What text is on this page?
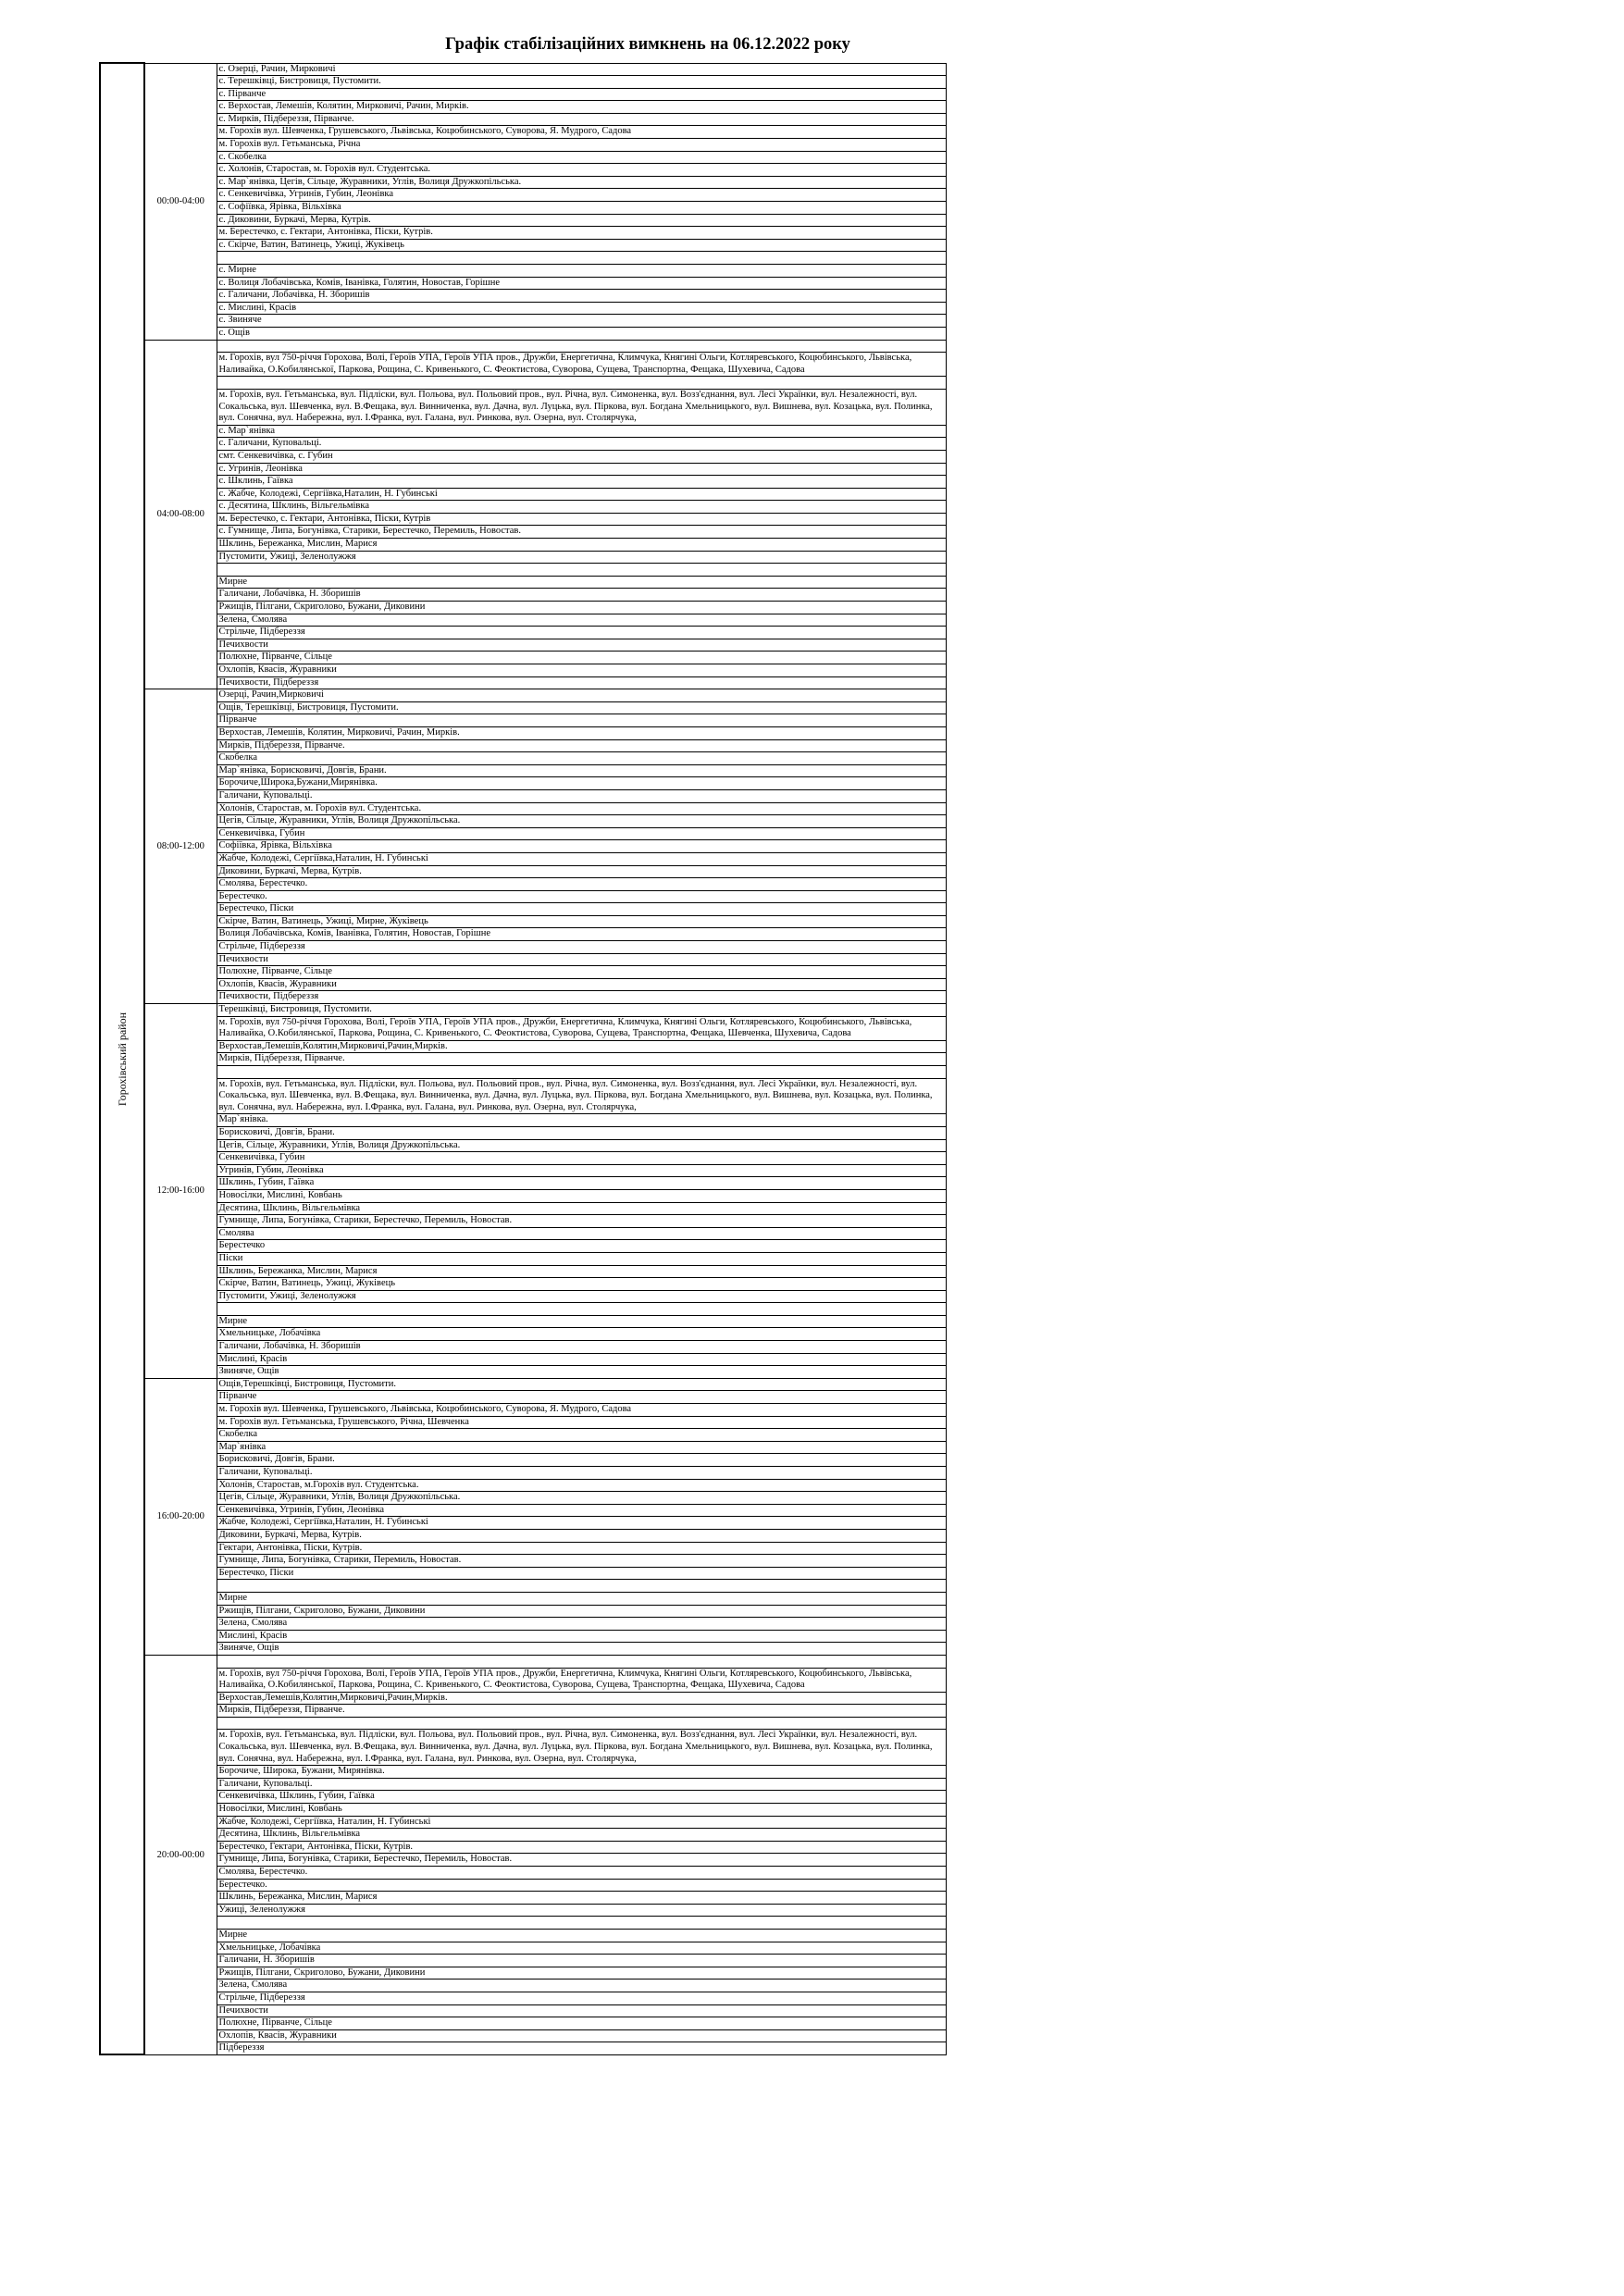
Графік стабілізаційних вимкнень на 06.12.2022 року
Горохівський район	00:00-04:00	с. Озерці, Рачин, Мирковичі
		с. Терешківці, Бистровиця, Пустомити.
		с. Пірванче
		с. Верхостав, Лемешів, Колятин, Мирковичі, Рачин, Мирків.
		с. Мирків, Підбереззя, Пірванче.
		м. Горохів вул. Шевченка, Грушевського, Львівська, Коцюбинського, Суворова, Я. Мудрого, Садова
		м. Горохів вул. Гетьманська, Річна
		с. Скобелка
		с. Холонів, Старостав, м. Горохів вул. Студентська.
		с. Мар`янівка, Цегів, Сільце, Журавники, Углів, Волиця Дружкопільська.
		с. Сенкевичівка, Угринів, Губин, Леонівка
		с. Софіївка, Ярівка, Вільхівка
		с. Диковини, Буркачі, Мерва, Кутрів.
		м. Берестечко, с. Гектари, Антонівка, Піски, Кутрів.
		с. Скірче, Ватин, Ватинець, Ужиці, Жуківець

		с. Мирне
		с. Волиця Лобачівська, Комів, Іванівка, Голятин, Новостав, Горішне
		с. Галичани, Лобачівка, Н. Зборишів
		с. Мислині, Красів
		с. Звиняче
		с. Ощів
	04:00-08:00	
		м. Горохів, вул 750-річчя Горохова, Волі, Героїв УПА, Героїв УПА пров., Дружби, Енергетична, Климчука, Княгині Ольги, Котляревського, Коцюбинського, Львівська, Наливайка, О.Кобилянської, Паркова, Рощина, С. Кривенького, С. Феоктистова, Суворова, Сущева, Транспортна, Фещака, Шухевича, Садова

		м. Горохів, вул. Гетьманська, вул. Підліски, вул. Польова, вул. Польовий пров., вул. Річна, вул. Симоненка, вул. Возз'єднання, вул. Лесі Українки, вул. Незалежності, вул. Сокальська, вул. Шевченка, вул. В.Фещака, вул. Винниченка, вул. Дачна, вул. Луцька, вул. Піркова, вул. Богдана Хмельницького, вул. Вишнева, вул. Козацька, вул. Полинка, вул. Сонячна, вул. Набережна, вул. І.Франка, вул. Галана, вул. Ринкова, вул. Озерна, вул. Столярчука,
		с. Мар`янівка
		с. Галичани, Куповальці.
		смт. Сенкевичівка, с. Губин
		с. Угринів, Леонівка
		с. Шклинь, Гаївка
		с. Жабче, Колодежі, Сергіївка,Наталин, Н. Губинські
		с. Десятина, Шклинь, Вільгельмівка
		м. Берестечко, с. Гектари, Антонівка, Піски, Кутрів
		с. Гумнище, Липа, Богунівка, Старики, Берестечко, Перемиль, Новостав.
		Шклинь, Бережанка, Мислин, Марися
		Пустомити, Ужиці, Зеленолужжя

		Мирне
		Галичани, Лобачівка, Н. Зборишів
		Ржищів, Пілгани, Скриголово, Бужани, Диковини
		Зелена, Смолява
		Стрільче, Підбереззя
		Печихвости
		Полюхне, Пірванче, Сільце
		Охлопів, Квасів, Журавники
		Печихвости, Підбереззя
	08:00-12:00	Озерці, Рачин,Мирковичі
		Ощів, Терешківці, Бистровиця, Пустомити.
		Пірванче
		Верхостав, Лемешів, Колятин, Мирковичі, Рачин, Мирків.
		Мирків, Підбереззя, Пірванче.
		Скобелка
		Мар`янівка, Борисковичі, Довгів, Брани.
		Борочиче,Широка,Бужани,Мирянівка.
		Галичани, Куповальці.
		Холонів, Старостав, м. Горохів вул. Студентська.
		Цегів, Сільце, Журавники, Углів, Волиця Дружкопільська.
		Сенкевичівка, Губин
		Софіївка, Ярівка, Вільхівка
		Жабче, Колодежі, Сергіївка,Наталин, Н. Губинські
		Диковини, Буркачі, Мерва, Кутрів.
		Смолява, Берестечко.
		Берестечко.
		Берестечко, Піски
		Скірче, Ватин, Ватинець, Ужиці, Мирне, Жуківець
		Волиця Лобачівська, Комів, Іванівка, Голятин, Новостав, Горішне
		Стрільче, Підбереззя
		Печихвости
		Полюхне, Пірванче, Сільце
		Охлопів, Квасів, Журавники
		Печихвости, Підбереззя
	12:00-16:00	Терешківці, Бистровиця, Пустомити.
		м. Горохів, вул 750-річчя Горохова, Волі, Героїв УПА, Героїв УПА пров., Дружби, Енергетична, Климчука, Княгині Ольги, Котляревського, Коцюбинського, Львівська, Наливайка, О.Кобилянської, Паркова, Рощина, С. Кривенького, С. Феоктистова, Суворова, Сущева, Транспортна, Фещака, Шевченка, Шухевича, Садова
		Верхостав,Лемешів,Колятин,Мирковичі,Рачин,Мирків.
		Мирків, Підбереззя, Пірванче.

		м. Горохів, вул. Гетьманська, вул. Підліски, вул. Польова, вул. Польовий пров., вул. Річна, вул. Симоненка, вул. Возз'єднання, вул. Лесі Українки, вул. Незалежності, вул. Сокальська, вул. Шевченка, вул. В.Фещака, вул. Винниченка, вул. Дачна, вул. Луцька, вул. Піркова, вул. Богдана Хмельницького, вул. Вишнева, вул. Козацька, вул. Полинка, вул. Сонячна, вул. Набережна, вул. І.Франка, вул. Галана, вул. Ринкова, вул. Озерна, вул. Столярчука,
		Мар`янівка.
		Борисковичі, Довгів, Брани.
		Цегів, Сільце, Журавники, Углів, Волиця Дружкопільська.
		Сенкевичівка, Губин
		Угринів, Губин, Леонівка
		Шклинь, Губин, Гаївка
		Новосілки, Мислині, Ковбань
		Десятина, Шклинь, Вільгельмівка
		Гумнище, Липа, Богунівка, Старики, Берестечко, Перемиль, Новостав.
		Смолява
		Берестечко
		Піски
		Шклинь, Бережанка, Мислин, Марися
		Скірче, Ватин, Ватинець, Ужиці, Жуківець
		Пустомити, Ужиці, Зеленолужжя

		Мирне
		Хмельницьке, Лобачівка
		Галичани, Лобачівка, Н. Зборишів
		Мислині, Красів
		Звиняче, Ощів
	16:00-20:00	Ощів,Терешківці, Бистровиця, Пустомити.
		Пірванче
		м. Горохів вул. Шевченка, Грушевського, Львівська, Коцюбинського, Суворова, Я. Мудрого, Садова
		м. Горохів вул. Гетьманська, Грушевського, Річна, Шевченка
		Скобелка
		Мар`янівка
		Борисковичі, Довгів, Брани.
		Галичани, Куповальці.
		Холонів, Старостав, м.Горохів вул. Студентська.
		Цегів, Сільце, Журавники, Углів, Волиця Дружкопільська.
		Сенкевичівка, Угринів, Губин, Леонівка
		Жабче, Колодежі, Сергіївка,Наталин, Н. Губинські
		Диковини, Буркачі, Мерва, Кутрів.
		Гектари, Антонівка, Піски, Кутрів.
		Гумнище, Липа, Богунівка, Старики, Перемиль, Новостав.
		Берестечко, Піски

		Мирне
		Ржищів, Пілгани, Скриголово, Бужани, Диковини
		Зелена, Смолява
		Мислині, Красів
		Звиняче, Ощів
	20:00-00:00	
		м. Горохів, вул 750-річчя Горохова, Волі, Героїв УПА, Героїв УПА пров., Дружби, Енергетична, Климчука, Княгині Ольги, Котляревського, Коцюбинського, Львівська, Наливайка, О.Кобилянської, Паркова, Рощина, С. Кривенького, С. Феоктистова, Суворова, Сущева, Транспортна, Фещака, Шухевича, Садова
		Верхостав,Лемешів,Колятин,Мирковичі,Рачин,Мирків.
		Мирків, Підбереззя, Пірванче.

		м. Горохів, вул. Гетьманська, вул. Підліски, вул. Польова, вул. Польовий пров., вул. Річна, вул. Симоненка, вул. Возз'єднання, вул. Лесі Українки, вул. Незалежності, вул. Сокальська, вул. Шевченка, вул. В.Фещака, вул. Винниченка, вул. Дачна, вул. Луцька, вул. Піркова, вул. Богдана Хмельницького, вул. Вишнева, вул. Козацька, вул. Полинка, вул. Сонячна, вул. Набережна, вул. І.Франка, вул. Галана, вул. Ринкова, вул. Озерна, вул. Столярчука,
		Борочиче, Широка, Бужани, Мирянівка.
		Галичани, Куповальці.
		Сенкевичівка, Шклинь, Губин, Гаївка
		Новосілки, Мислині, Ковбань
		Жабче, Колодежі, Сергіївка, Наталин, Н. Губинські
		Десятина, Шклинь, Вільгельмівка
		Берестечко, Гектари, Антонівка, Піски, Кутрів.
		Гумнище, Липа, Богунівка, Старики, Берестечко, Перемиль, Новостав.
		Смолява, Берестечко.
		Берестечко.
		Шклинь, Бережанка, Мислин, Марися
		Ужиці, Зеленолужжя

		Мирне
		Хмельницьке, Лобачівка
		Галичани, Н. Зборишів
		Ржищів, Пілгани, Скриголово, Бужани, Диковини
		Зелена, Смолява
		Стрільче, Підбереззя
		Печихвости
		Полюхне, Пірванче, Сільце
		Охлопів, Квасів, Журавники
		Підбереззя
